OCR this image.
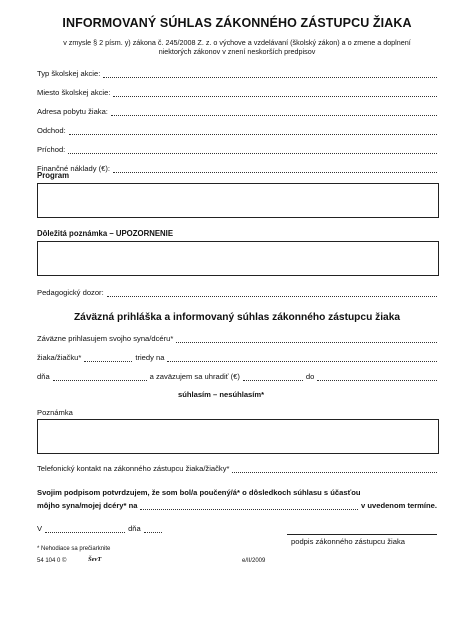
INFORMOVANÝ SÚHLAS ZÁKONNÉHO ZÁSTUPCU ŽIAKA
v zmysle § 2 písm. y) zákona č. 245/2008 Z. z. o výchove a vzdelávaní (školský zákon) a o zmene a doplnení
niektorých zákonov v znení neskorších predpisov
Typ školskej akcie:
Miesto školskej akcie:
Adresa pobytu žiaka:
Odchod:
Príchod:
Finančné náklady (€):
Program
Dôležitá poznámka – UPOZORNENIE
Pedagogický dozor:
Záväzná prihláška a informovaný súhlas zákonného zástupcu žiaka
Záväzne prihlasujem svojho syna/dcéru*
žiaka/žiačku*	triedy na
dňa	a zaväzujem sa uhradiť (€)	do
súhlasím – nesúhlasím*
Poznámka
Telefonický kontakt na zákonného zástupcu žiaka/žiačky*
Svojim podpisom potvrdzujem, že som bol/a poučený/á* o dôsledkoch súhlasu s účasťou
môjho syna/mojej dcéry* na	v uvedenom termíne.
V	dňa
podpis zákonného zástupcu žiaka
* Nehodiace sa prečiarknite
54 104 0 ©	ŠevT	e/II/2009
